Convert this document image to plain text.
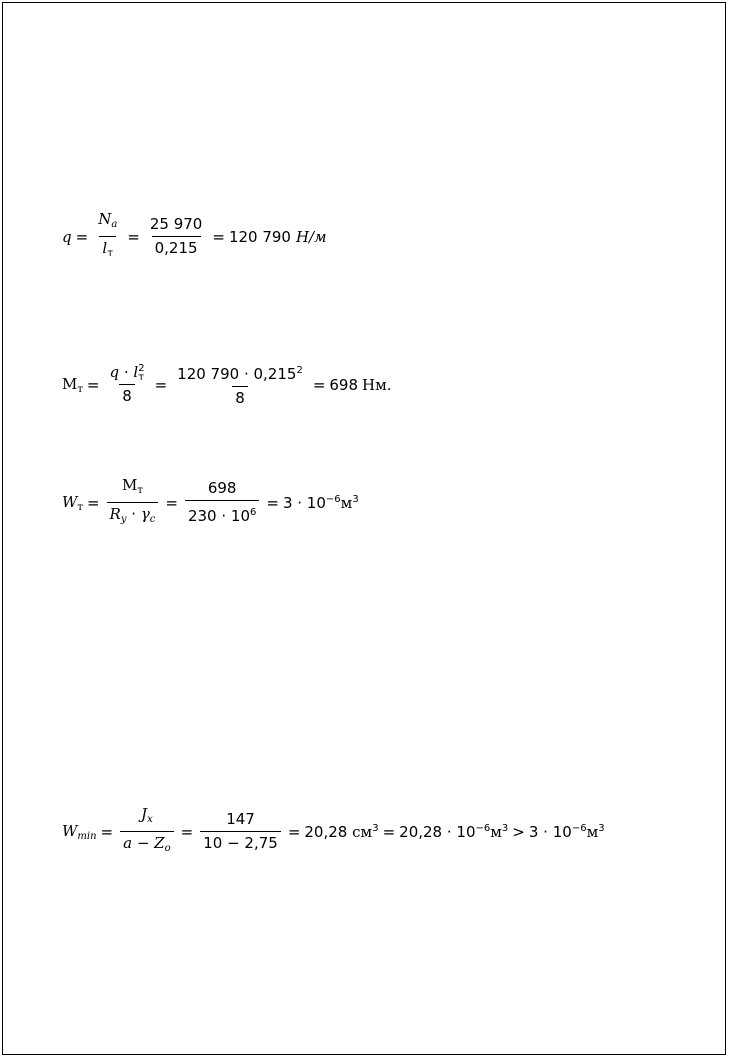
$q = \frac{N_a}{l_т} = \frac{25 970}{0,215} = 120$ 790 Н/м
$М_т = q \cdot l$ 2
т
$8 = \frac{120 790 \cdot 0,215^2}{8} = 698$ Нм.
$W_т = \frac{М_т}{R_y \cdot \gamma_c} = \frac{698}{230 \cdot 10^6} = 3 \cdot 10^{-6}м^3$
$W_{min} = \frac{J_x}{a - Z_o} = \frac{147}{10 - 2,75} = 20,28$ $см^3 = 20,28 \cdot 10^{-6}м^3 > 3 \cdot 10^{-6}м^3$
